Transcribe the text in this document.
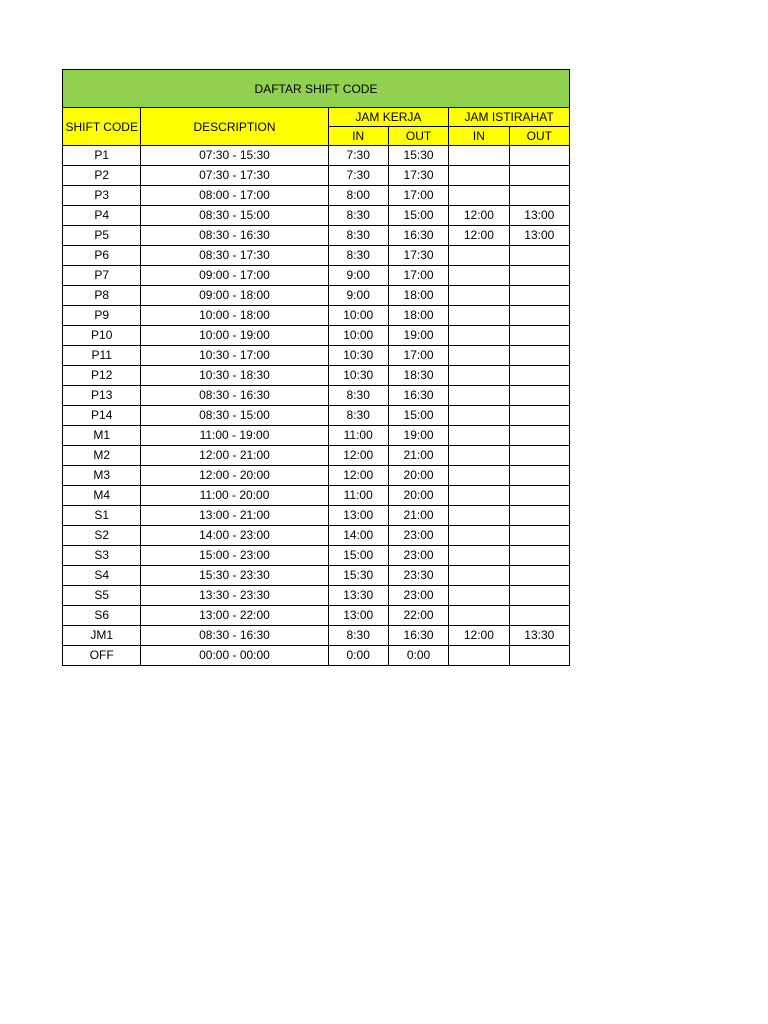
DAFTAR SHIFT CODE					
SHIFT CODE	DESCRIPTION	JAM KERJA		JAM ISTIRAHAT	
		IN	OUT	IN	OUT
P1	07:30 - 15:30	7:30	15:30		
P2	07:30 - 17:30	7:30	17:30		
P3	08:00 - 17:00	8:00	17:00		
P4	08:30 - 15:00	8:30	15:00	12:00	13:00
P5	08:30 - 16:30	8:30	16:30	12:00	13:00
P6	08:30 - 17:30	8:30	17:30		
P7	09:00 - 17:00	9:00	17:00		
P8	09:00 - 18:00	9:00	18:00		
P9	10:00 - 18:00	10:00	18:00		
P10	10:00 - 19:00	10:00	19:00		
P11	10:30 - 17:00	10:30	17:00		
P12	10:30 - 18:30	10:30	18:30		
P13	08:30 - 16:30	8:30	16:30		
P14	08:30 - 15:00	8:30	15:00		
M1	11:00 - 19:00	11:00	19:00		
M2	12:00 - 21:00	12:00	21:00		
M3	12:00 - 20:00	12:00	20:00		
M4	11:00 - 20:00	11:00	20:00		
S1	13:00 - 21:00	13:00	21:00		
S2	14:00 - 23:00	14:00	23:00		
S3	15:00 - 23:00	15:00	23:00		
S4	15:30 - 23:30	15:30	23:30		
S5	13:30 - 23:30	13:30	23:00		
S6	13:00 - 22:00	13:00	22:00		
JM1	08:30 - 16:30	8:30	16:30	12:00	13:30
OFF	00:00 - 00:00	0:00	0:00		
